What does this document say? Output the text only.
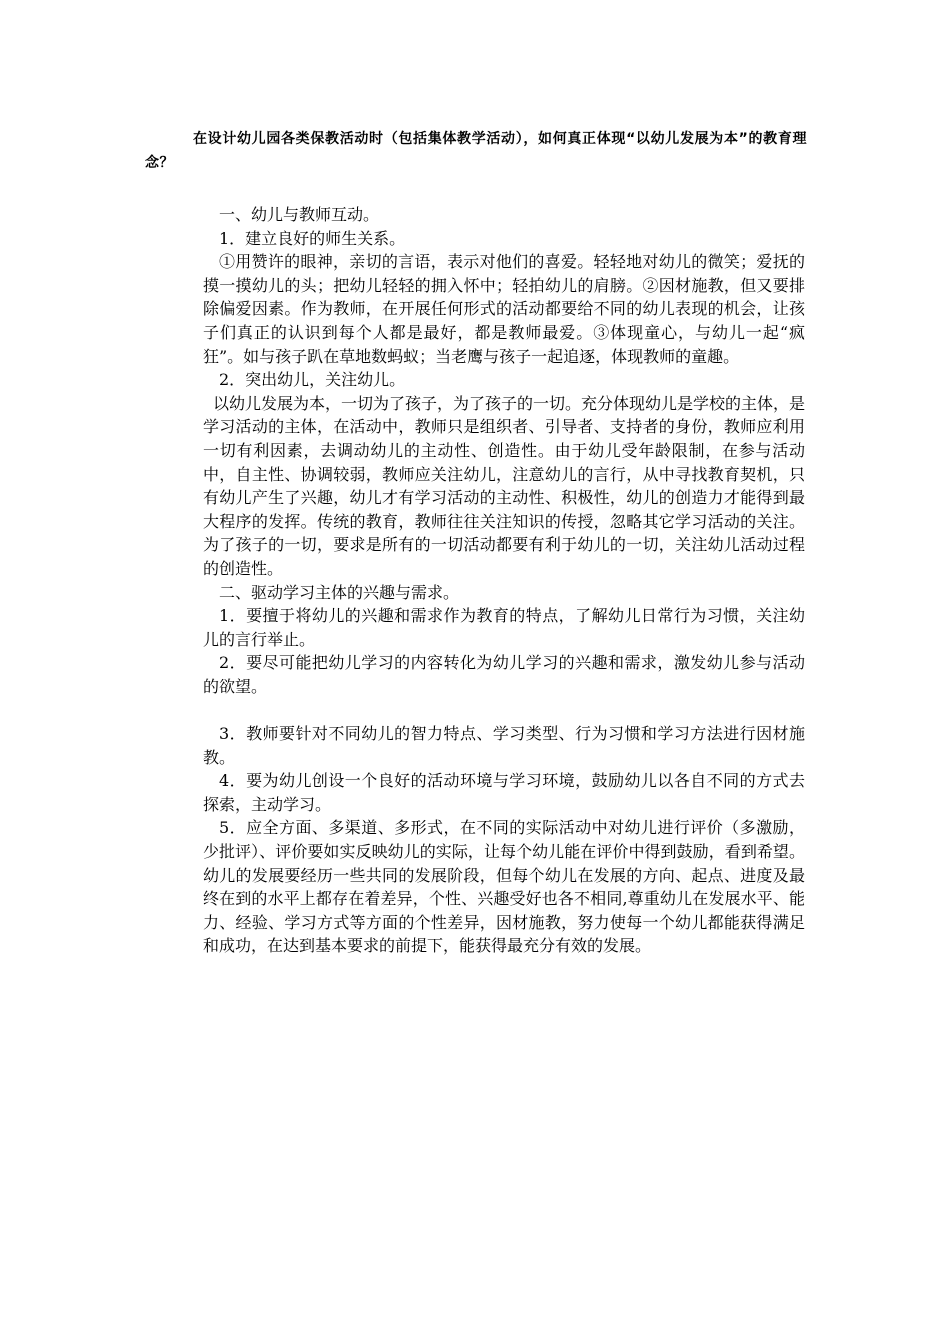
在设计幼儿园各类保教活动时（包括集体教学活动），如何真正体现“以幼儿发展为本”的教育理念？

一、幼儿与教师互动。

1．建立良好的师生关系。

①用赞许的眼神，亲切的言语，表示对他们的喜爱。轻轻地对幼儿的微笑；爱抚的摸一摸幼儿的头；把幼儿轻轻的拥入怀中；轻拍幼儿的肩膀。②因材施教，但又要排除偏爱因素。作为教师，在开展任何形式的活动都要给不同的幼儿表现的机会，让孩子们真正的认识到每个人都是最好，都是教师最爱。③体现童心，与幼儿一起“疯狂”。如与孩子趴在草地数蚂蚁；当老鹰与孩子一起追逐，体现教师的童趣。

2．突出幼儿，关注幼儿。

以幼儿发展为本，一切为了孩子，为了孩子的一切。充分体现幼儿是学校的主体，是学习活动的主体，在活动中，教师只是组织者、引导者、支持者的身份，教师应利用一切有利因素，去调动幼儿的主动性、创造性。由于幼儿受年龄限制，在参与活动中，自主性、协调较弱，教师应关注幼儿，注意幼儿的言行，从中寻找教育契机，只有幼儿产生了兴趣，幼儿才有学习活动的主动性、积极性，幼儿的创造力才能得到最大程序的发挥。传统的教育，教师往往关注知识的传授，忽略其它学习活动的关注。为了孩子的一切，要求是所有的一切活动都要有利于幼儿的一切，关注幼儿活动过程的创造性。

二、驱动学习主体的兴趣与需求。

1．要擅于将幼儿的兴趣和需求作为教育的特点，了解幼儿日常行为习惯，关注幼儿的言行举止。

2．要尽可能把幼儿学习的内容转化为幼儿学习的兴趣和需求，激发幼儿参与活动的欲望。

3．教师要针对不同幼儿的智力特点、学习类型、行为习惯和学习方法进行因材施教。

4．要为幼儿创设一个良好的活动环境与学习环境，鼓励幼儿以各自不同的方式去探索，主动学习。

5．应全方面、多渠道、多形式，在不同的实际活动中对幼儿进行评价（多激励，少批评）、评价要如实反映幼儿的实际，让每个幼儿能在评价中得到鼓励，看到希望。幼儿的发展要经历一些共同的发展阶段，但每个幼儿在发展的方向、起点、进度及最终在到的水平上都存在着差异，个性、兴趣受好也各不相同,尊重幼儿在发展水平、能力、经验、学习方式等方面的个性差异，因材施教，努力使每一个幼儿都能获得满足和成功，在达到基本要求的前提下，能获得最充分有效的发展。
